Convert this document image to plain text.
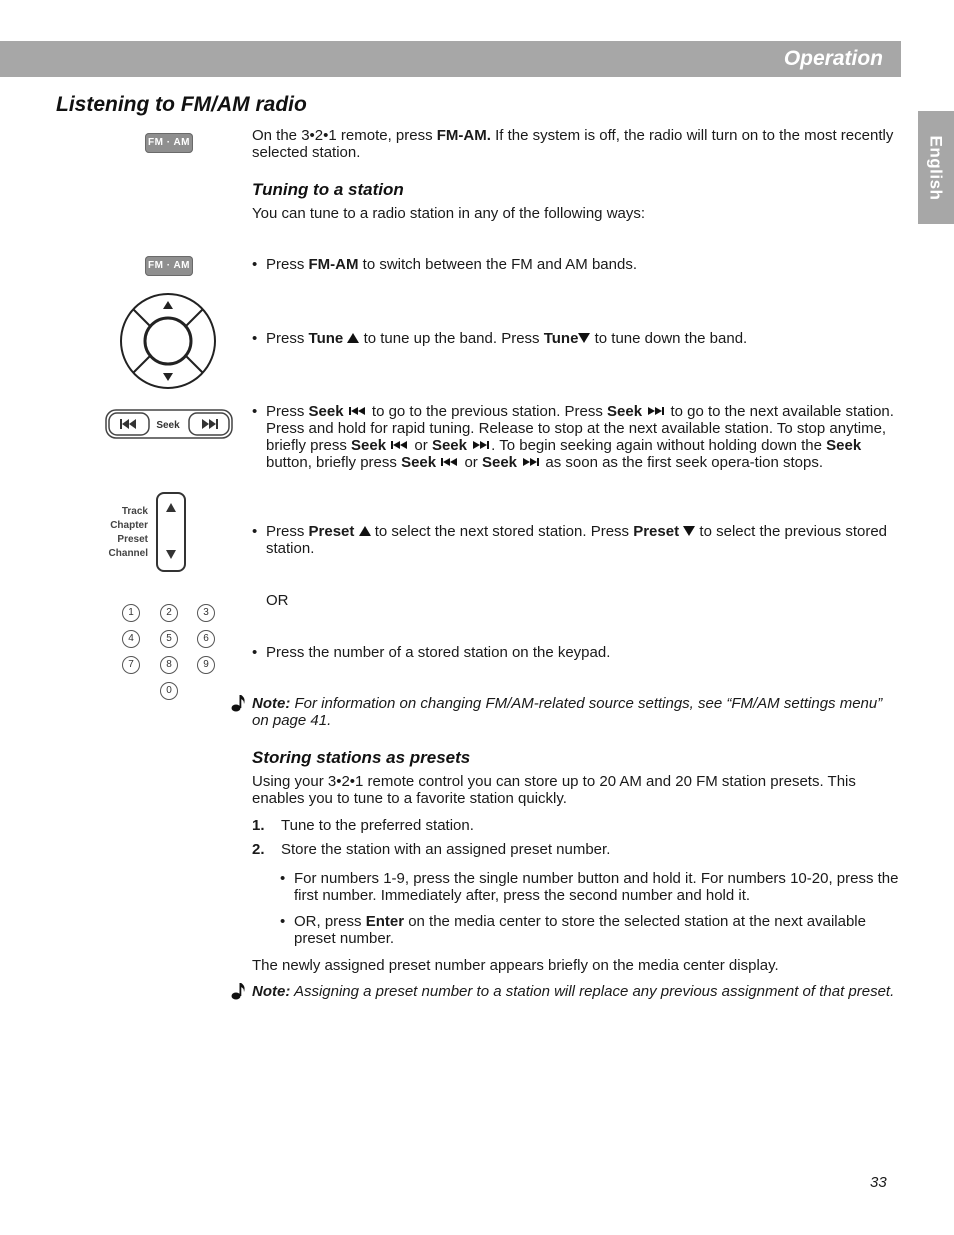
Operation
English
Listening to FM/AM radio
FM · AM
FM · AM
Seek
Track
Chapter
Preset
Channel
1	2	3
4	5	6
7	8	9
0
On the 3•2•1 remote, press FM-AM. If the system is off, the radio will turn on to the most recently selected station.
Tuning to a station
You can tune to a radio station in any of the following ways:
• Press FM-AM to switch between the FM and AM bands.
• Press Tune  to tune up the band. Press Tune to tune down the band.
• Press Seek  to go to the previous station. Press Seek  to go to the next available station. Press and hold for rapid tuning. Release to stop at the next available station. To stop anytime, briefly press Seek  or Seek . To begin seeking again without holding down the Seek button, briefly press Seek  or Seek  as soon as the first seek opera-tion stops.
• Press Preset  to select the next stored station. Press Preset  to select the previous stored station.
OR
• Press the number of a stored station on the keypad.
Note: For information on changing FM/AM-related source settings, see “FM/AM settings menu” on page 41.
Storing stations as presets
Using your 3•2•1 remote control you can store up to 20 AM and 20 FM station presets. This enables you to tune to a favorite station quickly.
1. Tune to the preferred station.
2. Store the station with an assigned preset number.
• For numbers 1-9, press the single number button and hold it. For numbers 10-20, press the first number. Immediately after, press the second number and hold it.
• OR, press Enter on the media center to store the selected station at the next available preset number.
The newly assigned preset number appears briefly on the media center display.
Note: Assigning a preset number to a station will replace any previous assignment of that preset.
33
